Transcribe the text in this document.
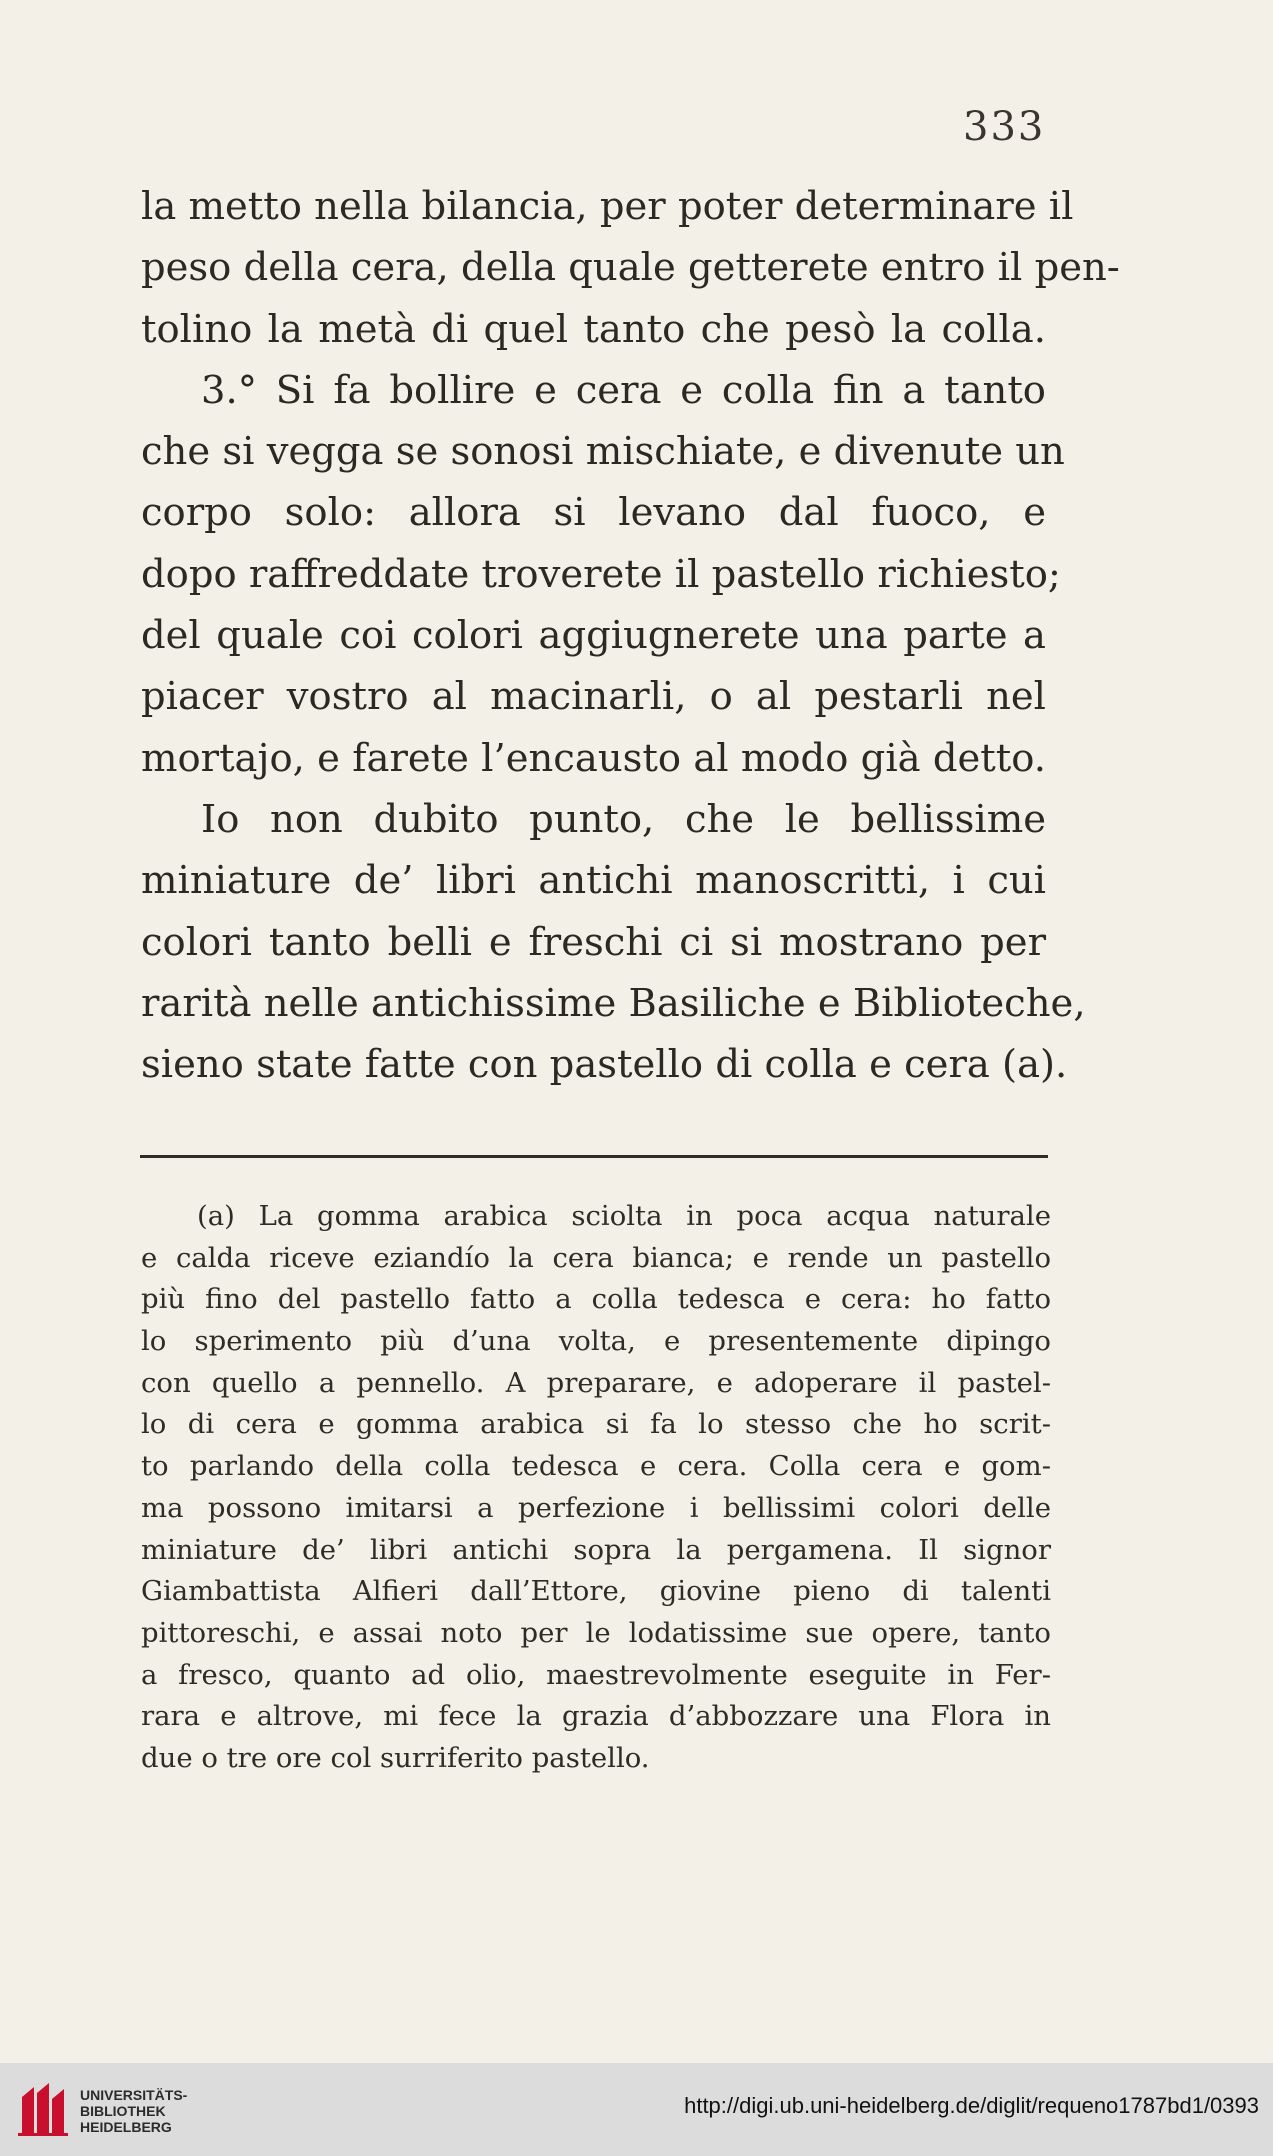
333
la metto nella bilancia, per poter determinare il
peso della cera, della quale getterete entro il pen-
tolino la metà di quel tanto che pesò la colla.
3.° Si fa bollire e cera e colla fin a tanto
che si vegga se sonosi mischiate, e divenute un
corpo solo: allora si levano dal fuoco, e
dopo raffreddate troverete il pastello richiesto;
del quale coi colori aggiugnerete una parte a
piacer vostro al macinarli, o al pestarli nel
mortajo, e farete l’encausto al modo già detto.
Io non dubito punto, che le bellissime
miniature de’ libri antichi manoscritti, i cui
colori tanto belli e freschi ci si mostrano per
rarità nelle antichissime Basiliche e Biblioteche,
sieno state fatte con pastello di colla e cera (a).
(a) La gomma arabica sciolta in poca acqua naturale
e calda riceve eziandío la cera bianca; e rende un pastello
più fino del pastello fatto a colla tedesca e cera: ho fatto
lo sperimento più d’una volta, e presentemente dipingo
con quello a pennello. A preparare, e adoperare il pastel-
lo di cera e gomma arabica si fa lo stesso che ho scrit-
to parlando della colla tedesca e cera. Colla cera e gom-
ma possono imitarsi a perfezione i bellissimi colori delle
miniature de’ libri antichi sopra la pergamena. Il signor
Giambattista Alfieri dall’Ettore, giovine pieno di talenti
pittoreschi, e assai noto per le lodatissime sue opere, tanto
a fresco, quanto ad olio, maestrevolmente eseguite in Fer-
rara e altrove, mi fece la grazia d’abbozzare una Flora in
due o tre ore col surriferito pastello.
UNIVERSITÄTS-
BIBLIOTHEK
HEIDELBERG
http://digi.ub.uni-heidelberg.de/diglit/requeno1787bd1/0393
